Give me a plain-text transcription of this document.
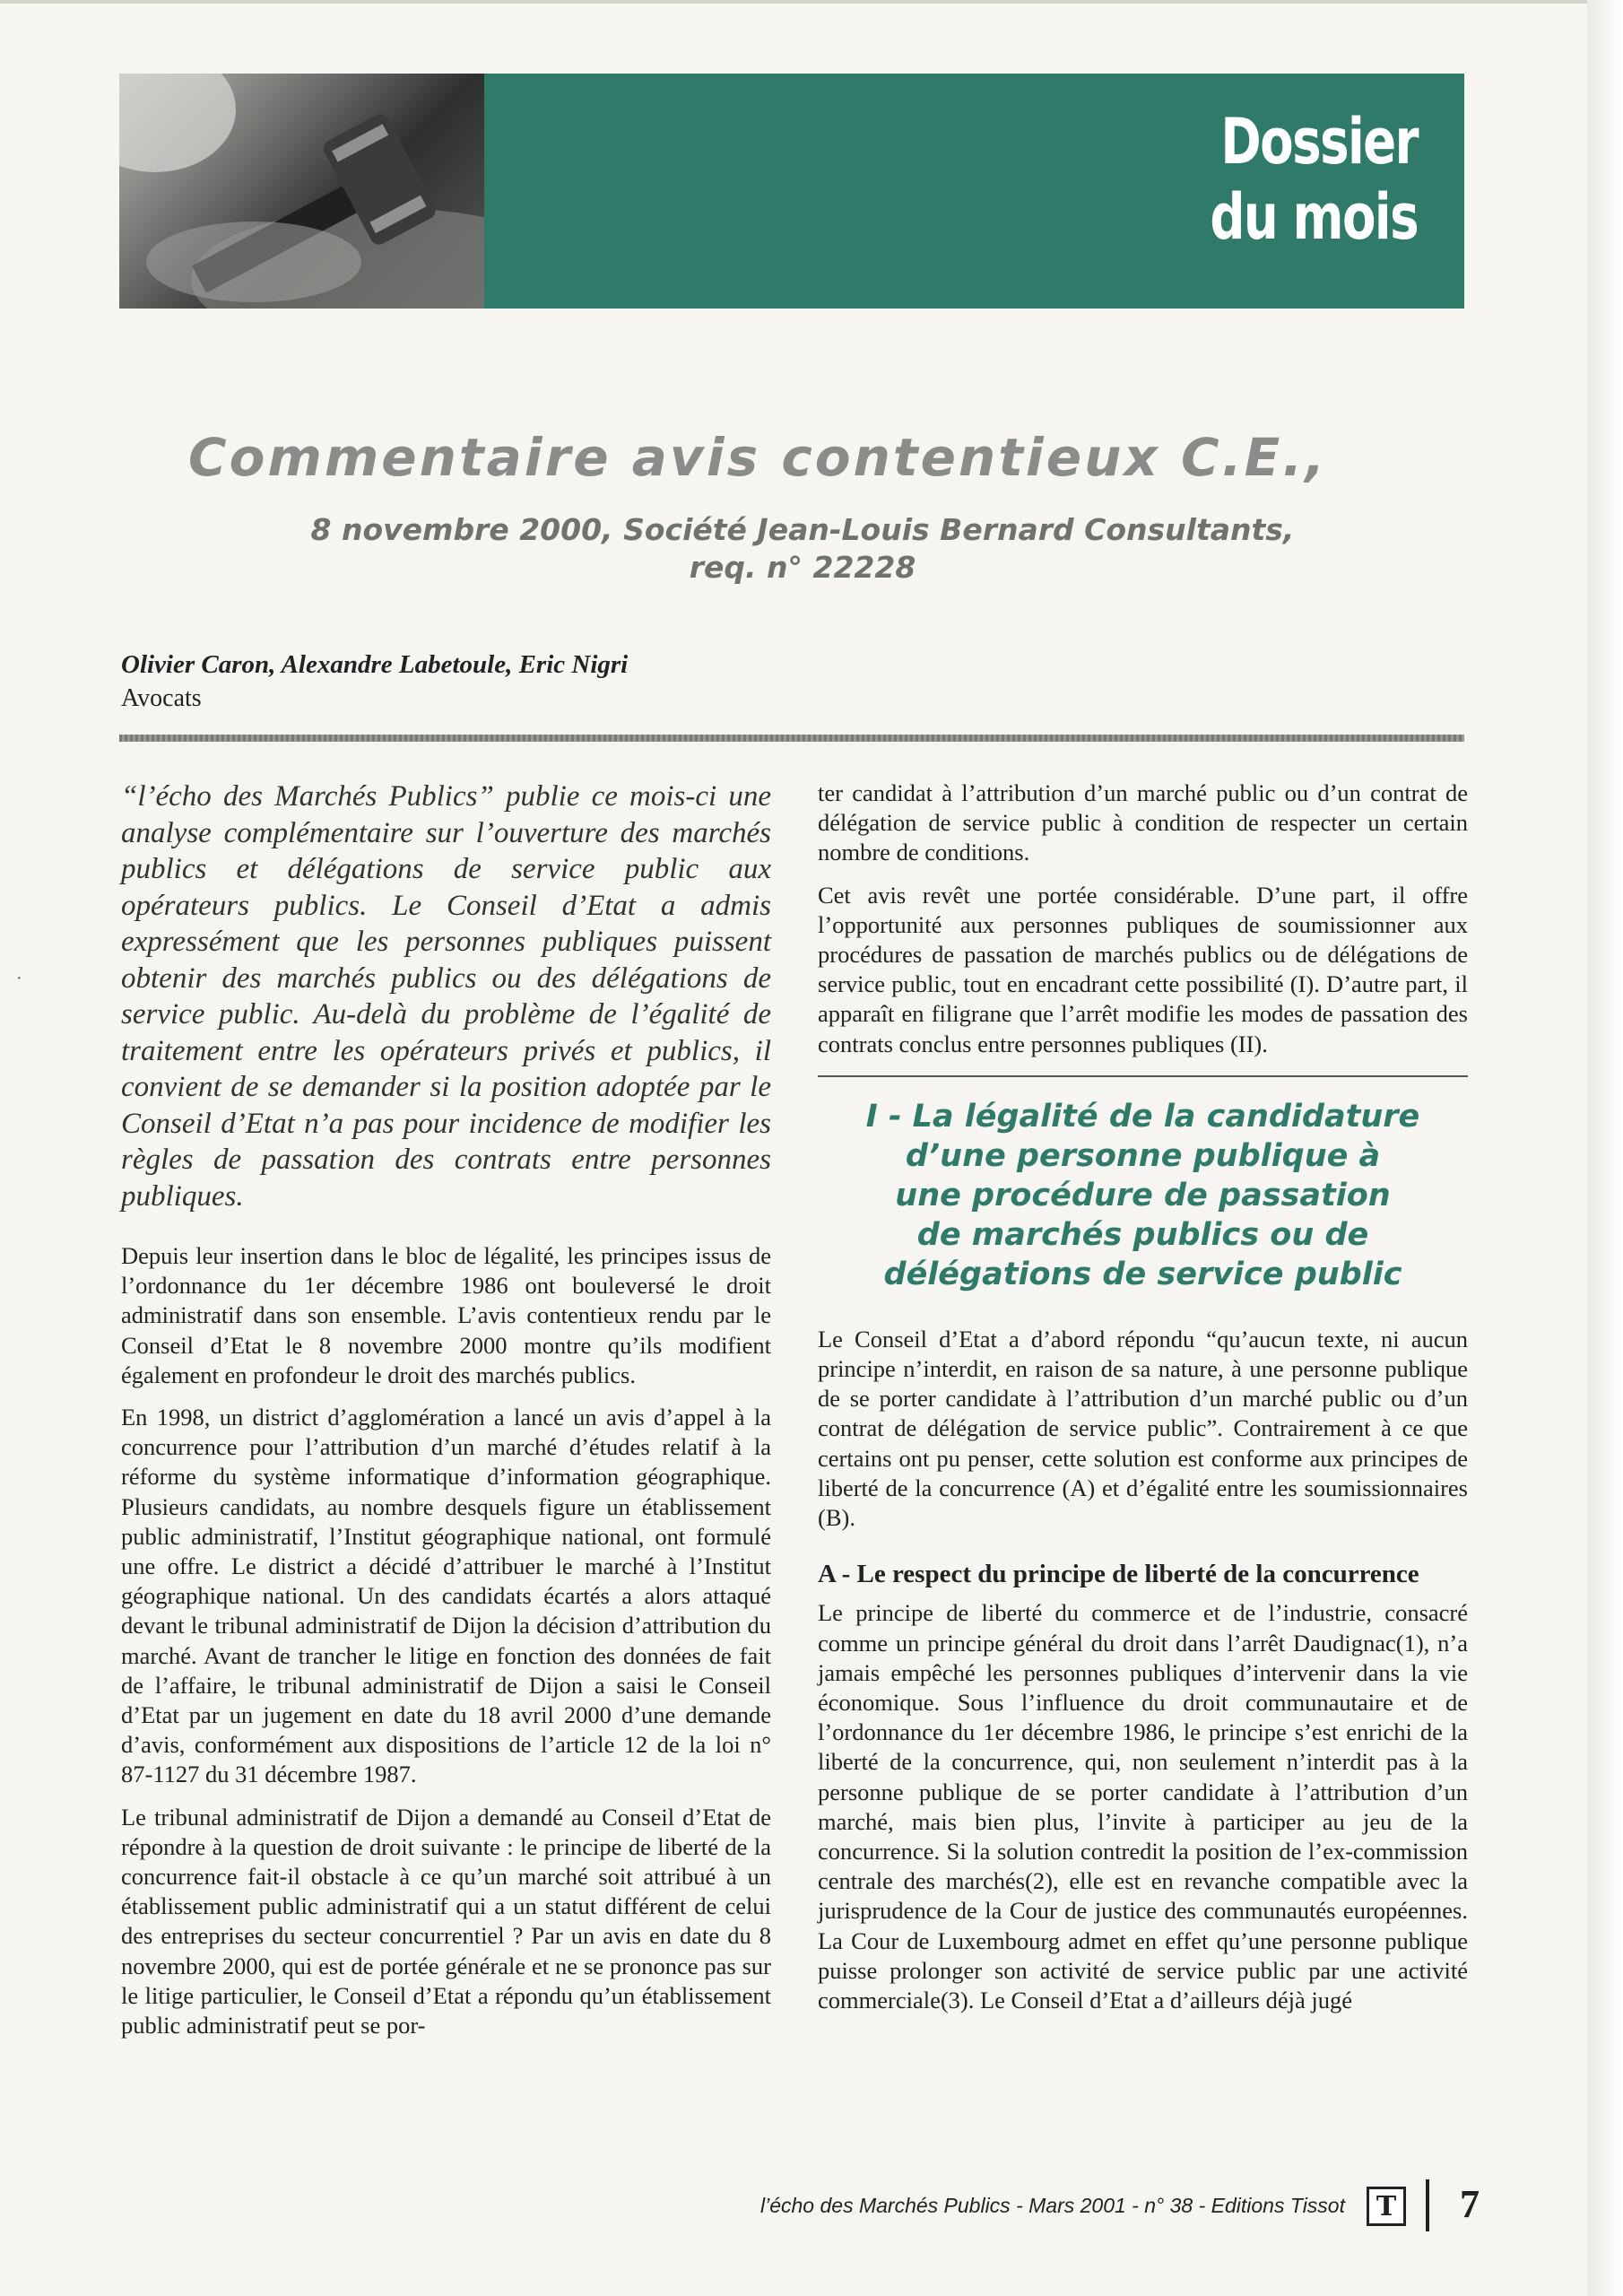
·
Dossier
du mois
Commentaire avis contentieux C.E.,
8 novembre 2000, Société Jean-Louis Bernard Consultants,
req. n° 22228
Olivier Caron, Alexandre Labetoule, Eric Nigri
Avocats

“l’écho des Marchés Publics” publie ce mois-ci une analyse complémentaire sur l’ouverture des marchés publics et délégations de service public aux opérateurs publics. Le Conseil d’Etat a admis expressément que les personnes publiques puissent obtenir des marchés publics ou des délégations de service public. Au-delà du problème de l’égalité de traitement entre les opérateurs privés et publics, il convient de se demander si la position adoptée par le Conseil d’Etat n’a pas pour incidence de modifier les règles de passation des contrats entre personnes publiques.

Depuis leur insertion dans le bloc de légalité, les principes issus de l’ordonnance du 1er décembre 1986 ont bouleversé le droit administratif dans son ensemble. L’avis contentieux rendu par le Conseil d’Etat le 8 novembre 2000 montre qu’ils modifient également en profondeur le droit des marchés publics.

En 1998, un district d’agglomération a lancé un avis d’appel à la concurrence pour l’attribution d’un marché d’études relatif à la réforme du système informatique d’information géographique. Plusieurs candidats, au nombre desquels figure un établissement public administratif, l’Institut géographique national, ont formulé une offre. Le district a décidé d’attribuer le marché à l’Institut géographique national. Un des candidats écartés a alors attaqué devant le tribunal administratif de Dijon la décision d’attribution du marché. Avant de trancher le litige en fonction des données de fait de l’affaire, le tribunal administratif de Dijon a saisi le Conseil d’Etat par un jugement en date du 18 avril 2000 d’une demande d’avis, conformément aux dispositions de l’article 12 de la loi n° 87-1127 du 31 décembre 1987.

Le tribunal administratif de Dijon a demandé au Conseil d’Etat de répondre à la question de droit suivante : le principe de liberté de la concurrence fait-il obstacle à ce qu’un marché soit attribué à un établissement public administratif qui a un statut différent de celui des entreprises du secteur concurrentiel ? Par un avis en date du 8 novembre 2000, qui est de portée générale et ne se prononce pas sur le litige particulier, le Conseil d’Etat a répondu qu’un établissement public administratif peut se por-

ter candidat à l’attribution d’un marché public ou d’un contrat de délégation de service public à condition de respecter un certain nombre de conditions.

Cet avis revêt une portée considérable. D’une part, il offre l’opportunité aux personnes publiques de soumissionner aux procédures de passation de marchés publics ou de délégations de service public, tout en encadrant cette possibilité (I). D’autre part, il apparaît en filigrane que l’arrêt modifie les modes de passation des contrats conclus entre personnes publiques (II).

I - La légalité de la candidature
d’une personne publique à
une procédure de passation
de marchés publics ou de
délégations de service public

Le Conseil d’Etat a d’abord répondu “qu’aucun texte, ni aucun principe n’interdit, en raison de sa nature, à une personne publique de se porter candidate à l’attribution d’un marché public ou d’un contrat de délégation de service public”. Contrairement à ce que certains ont pu penser, cette solution est conforme aux principes de liberté de la concurrence (A) et d’égalité entre les soumissionnaires (B).

A - Le respect du principe de liberté de la concurrence

Le principe de liberté du commerce et de l’industrie, consacré comme un principe général du droit dans l’arrêt Daudignac(1), n’a jamais empêché les personnes publiques d’intervenir dans la vie économique. Sous l’influence du droit communautaire et de l’ordonnance du 1er décembre 1986, le principe s’est enrichi de la liberté de la concurrence, qui, non seulement n’interdit pas à la personne publique de se porter candidate à l’attribution d’un marché, mais bien plus, l’invite à participer au jeu de la concurrence. Si la solution contredit la position de l’ex-commission centrale des marchés(2), elle est en revanche compatible avec la jurisprudence de la Cour de justice des communautés européennes. La Cour de Luxembourg admet en effet qu’une personne publique puisse prolonger son activité de service public par une activité commerciale(3). Le Conseil d’Etat a d’ailleurs déjà jugé

l’écho des Marchés Publics - Mars 2001 - n° 38 - Editions Tissot	T 7
